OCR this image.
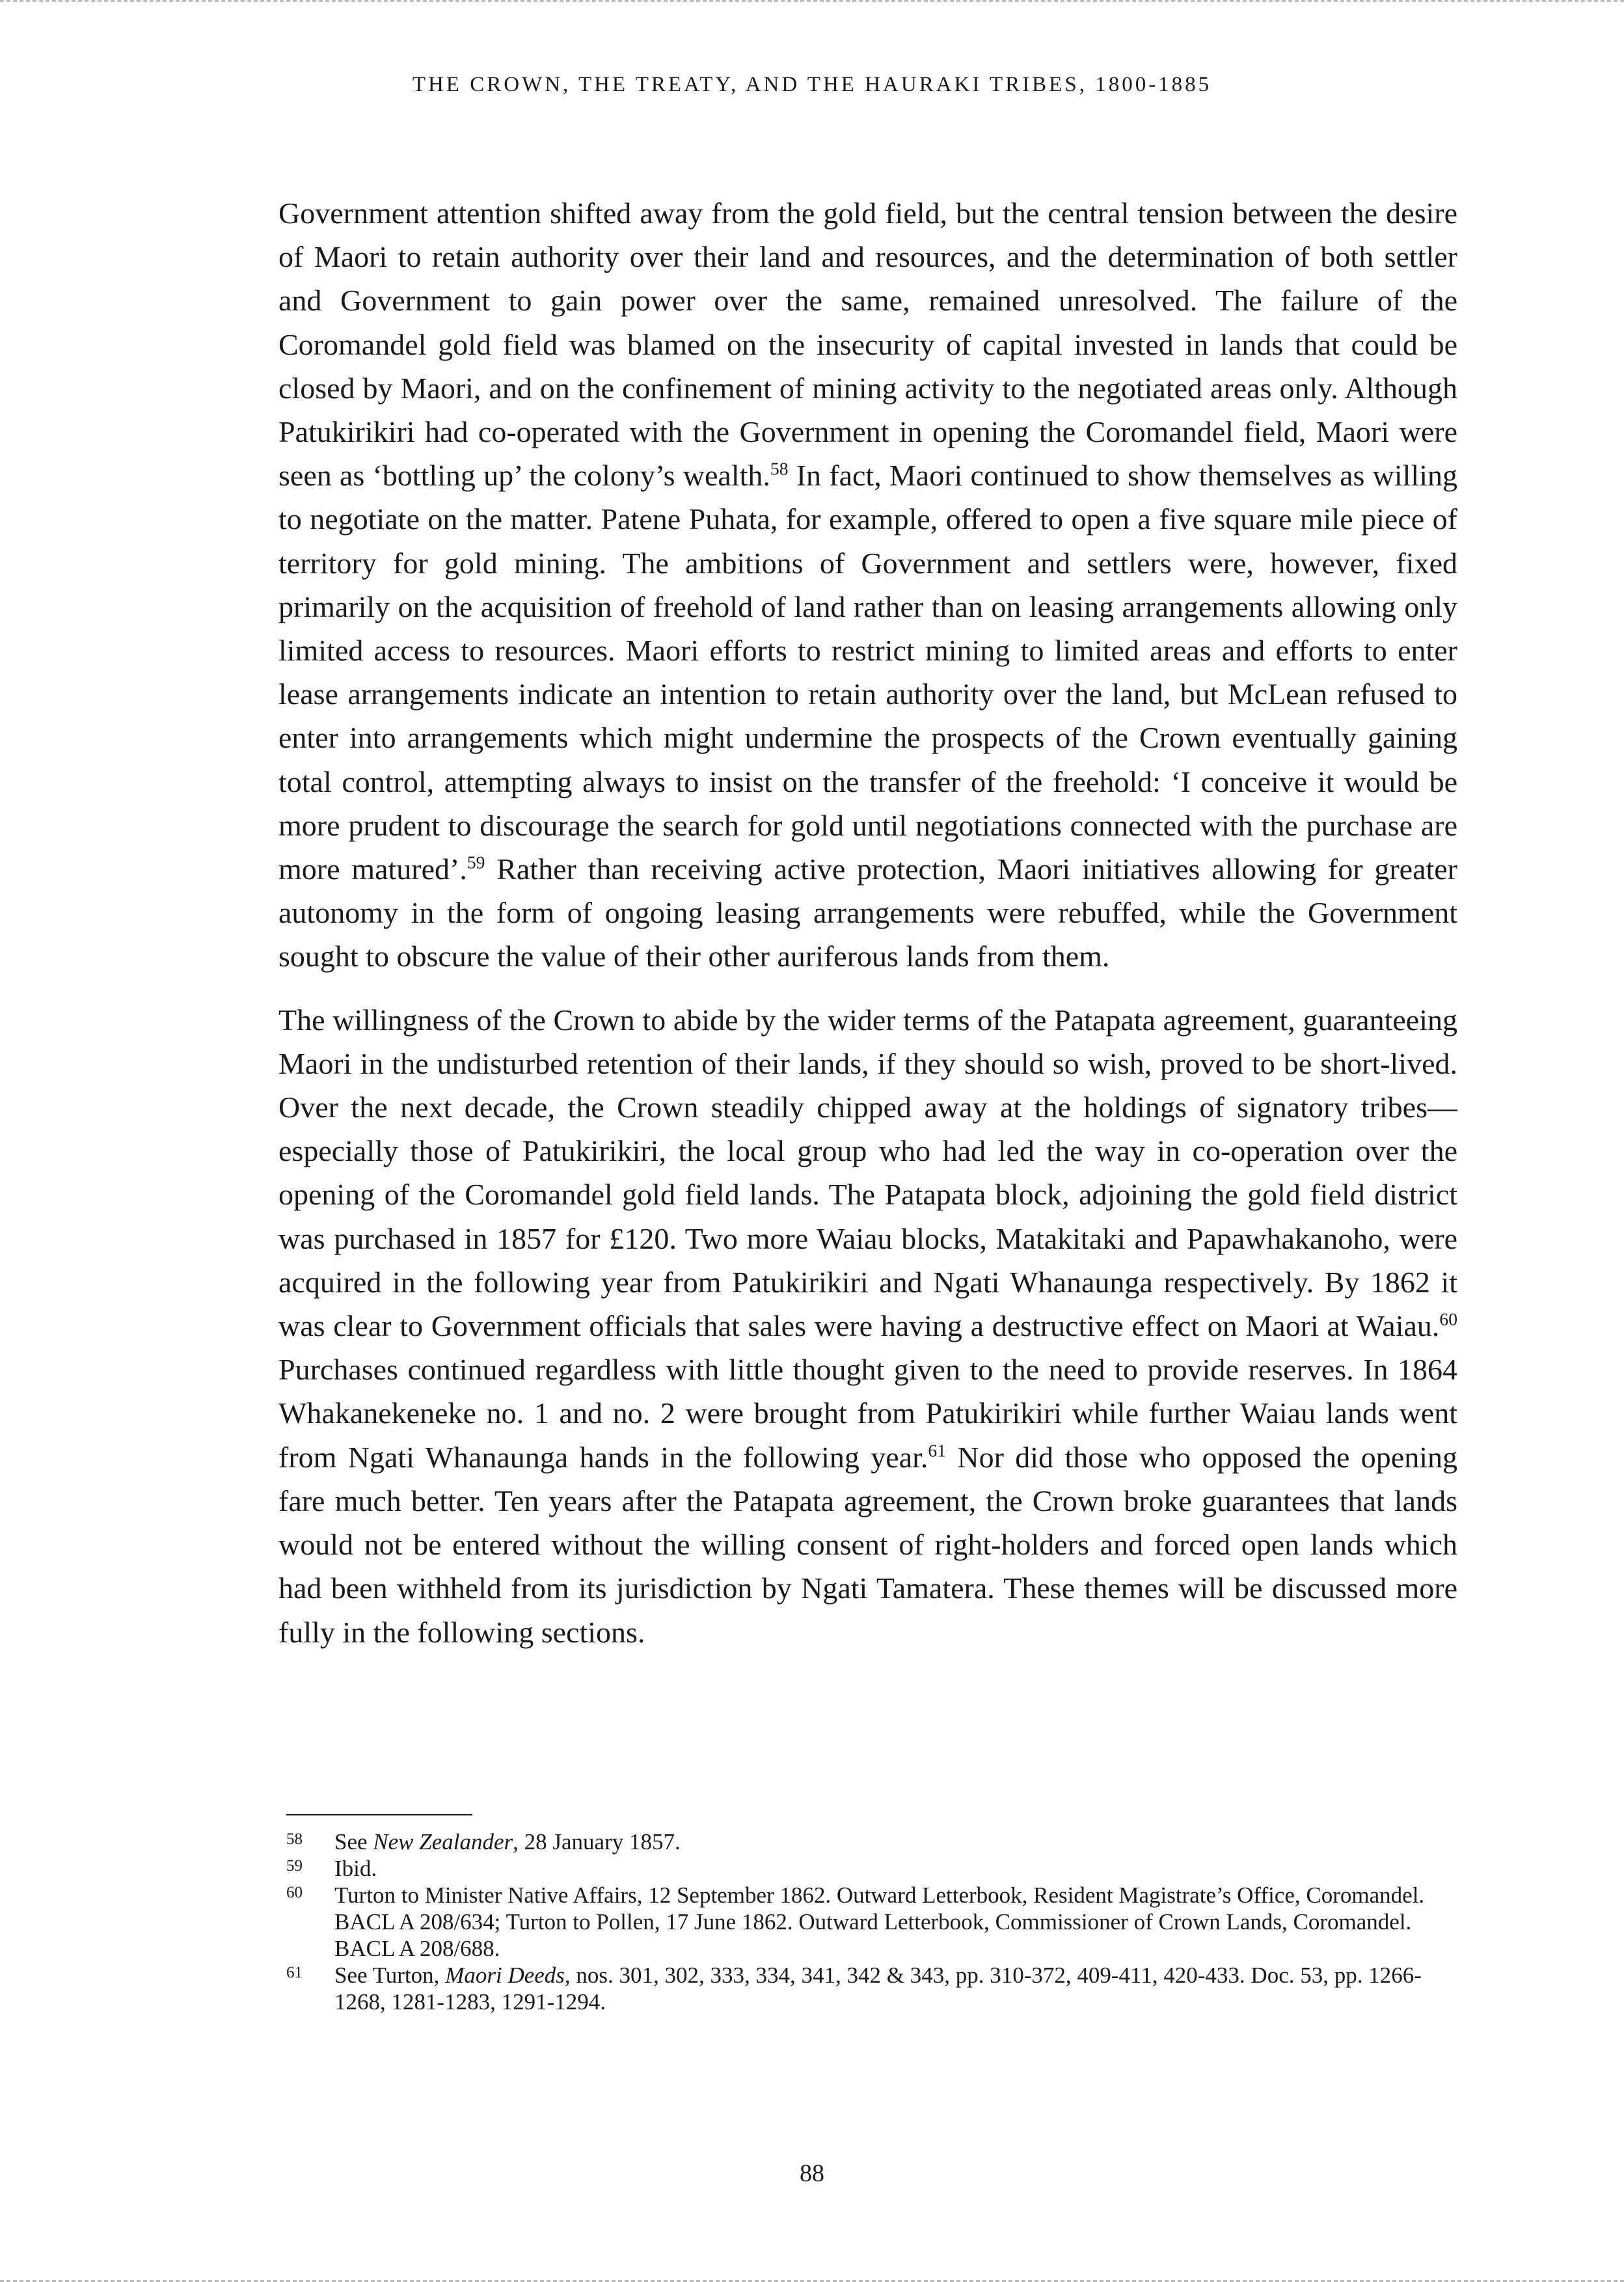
THE CROWN, THE TREATY, AND THE HAURAKI TRIBES, 1800-1885

Government attention shifted away from the gold field, but the central tension between the desire of Maori to retain authority over their land and resources, and the determination of both settler and Government to gain power over the same, remained unresolved. The failure of the Coromandel gold field was blamed on the insecurity of capital invested in lands that could be closed by Maori, and on the confinement of mining activity to the negotiated areas only. Although Patukirikiri had co-operated with the Government in opening the Coromandel field, Maori were seen as ‘bottling up’ the colony’s wealth.$^{58}$ In fact, Maori continued to show themselves as willing to negotiate on the matter. Patene Puhata, for example, offered to open a five square mile piece of territory for gold mining. The ambitions of Government and settlers were, however, fixed primarily on the acquisition of freehold of land rather than on leasing arrangements allowing only limited access to resources. Maori efforts to restrict mining to limited areas and efforts to enter lease arrangements indicate an intention to retain authority over the land, but McLean refused to enter into arrangements which might undermine the prospects of the Crown eventually gaining total control, attempting always to insist on the transfer of the freehold: ‘I conceive it would be more prudent to discourage the search for gold until negotiations connected with the purchase are more matured’.$^{59}$ Rather than receiving active protection, Maori initiatives allowing for greater autonomy in the form of ongoing leasing arrangements were rebuffed, while the Government sought to obscure the value of their other auriferous lands from them.

The willingness of the Crown to abide by the wider terms of the Patapata agreement, guaranteeing Maori in the undisturbed retention of their lands, if they should so wish, proved to be short-lived. Over the next decade, the Crown steadily chipped away at the holdings of signatory tribes—especially those of Patukirikiri, the local group who had led the way in co-operation over the opening of the Coromandel gold field lands. The Patapata block, adjoining the gold field district was purchased in 1857 for £120. Two more Waiau blocks, Matakitaki and Papawhakanoho, were acquired in the following year from Patukirikiri and Ngati Whanaunga respectively. By 1862 it was clear to Government officials that sales were having a destructive effect on Maori at Waiau.$^{60}$ Purchases continued regardless with little thought given to the need to provide reserves. In 1864 Whakanekeneke no. 1 and no. 2 were brought from Patukirikiri while further Waiau lands went from Ngati Whanaunga hands in the following year.$^{61}$ Nor did those who opposed the opening fare much better. Ten years after the Patapata agreement, the Crown broke guarantees that lands would not be entered without the willing consent of right-holders and forced open lands which had been withheld from its jurisdiction by Ngati Tamatera. These themes will be discussed more fully in the following sections.

58	See New Zealander, 28 January 1857.
59	Ibid.
60	Turton to Minister Native Affairs, 12 September 1862. Outward Letterbook, Resident Magistrate’s Office, Coromandel. BACL A 208/634; Turton to Pollen, 17 June 1862. Outward Letterbook, Commissioner of Crown Lands, Coromandel. BACL A 208/688.
61	See Turton, Maori Deeds, nos. 301, 302, 333, 334, 341, 342 & 343, pp. 310-372, 409-411, 420-433. Doc. 53, pp. 1266-1268, 1281-1283, 1291-1294.
88
